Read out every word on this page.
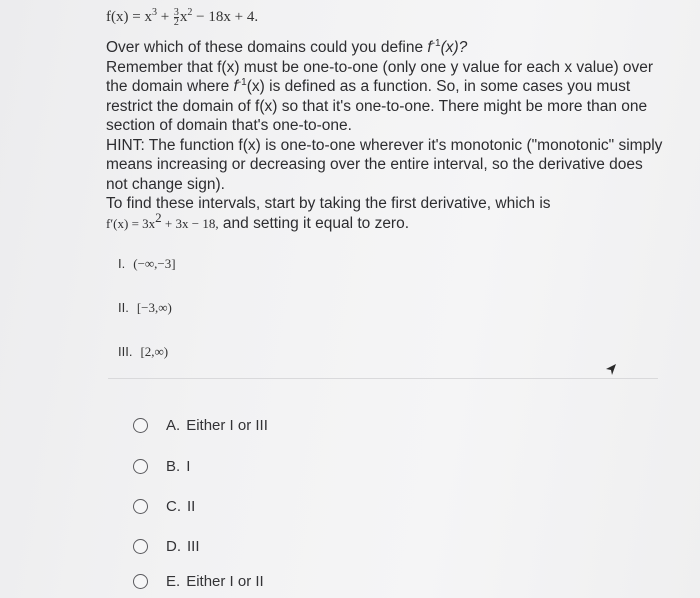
$f(x) = x^3 + \frac{3}{2} x^2 - 18x + 4$.

Over which of these domains could you define $f^{-1}(x)$?

Remember that f(x) must be one-to-one (only one y value for each x value) over the domain where $f^{-1}(x)$ is defined as a function. So, in some cases you must restrict the domain of f(x) so that it's one-to-one. There might be more than one section of domain that's one-to-one.

HINT: The function f(x) is one-to-one wherever it's monotonic ("monotonic" simply means increasing or decreasing over the entire interval, so the derivative does not change sign).

To find these intervals, start by taking the first derivative, which is

$f'(x) = 3x^2 + 3x - 18$, and setting it equal to zero.

I. (−∞,−3]
II. [−3,∞)
III. [2,∞)
A. Either I or III
B. I
C. II
D. III
E. Either I or II
